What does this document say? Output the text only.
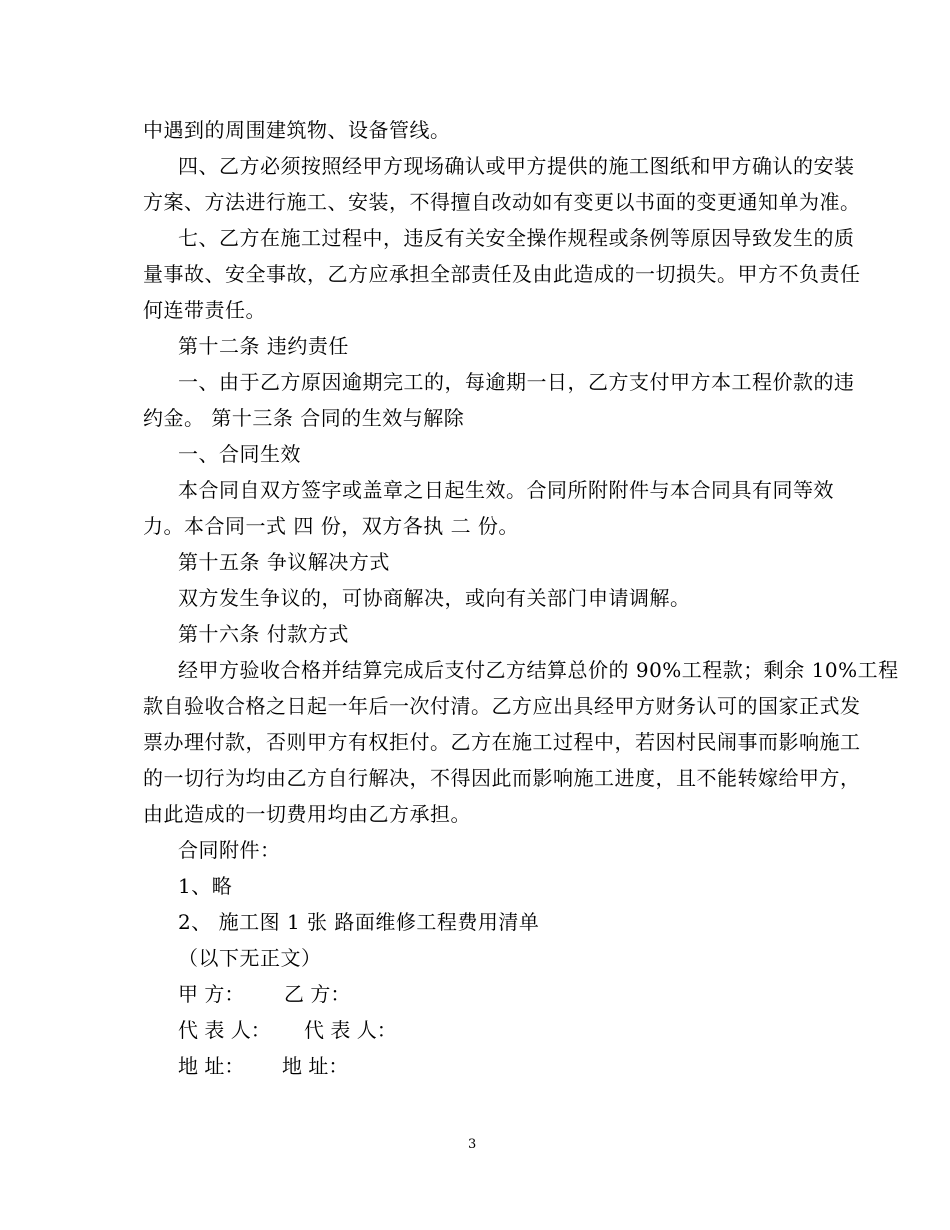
中遇到的周围建筑物、设备管线。
四、乙方必须按照经甲方现场确认或甲方提供的施工图纸和甲方确认的安装
方案、方法进行施工、安装，不得擅自改动如有变更以书面的变更通知单为准。
七、乙方在施工过程中，违反有关安全操作规程或条例等原因导致发生的质
量事故、安全事故，乙方应承担全部责任及由此造成的一切损失。甲方不负责任
何连带责任。
第十二条 违约责任
一、由于乙方原因逾期完工的，每逾期一日，乙方支付甲方本工程价款的违
约金。 第十三条 合同的生效与解除
一、合同生效
本合同自双方签字或盖章之日起生效。合同所附附件与本合同具有同等效
力。本合同一式 四 份，双方各执 二 份。
第十五条 争议解决方式
双方发生争议的，可协商解决，或向有关部门申请调解。
第十六条 付款方式
经甲方验收合格并结算完成后支付乙方结算总价的 90%工程款；剩余 10%工程
款自验收合格之日起一年后一次付清。乙方应出具经甲方财务认可的国家正式发
票办理付款，否则甲方有权拒付。乙方在施工过程中，若因村民闹事而影响施工
的一切行为均由乙方自行解决，不得因此而影响施工进度，且不能转嫁给甲方，
由此造成的一切费用均由乙方承担。
合同附件：
1、略
2、 施工图 1 张 路面维修工程费用清单
（以下无正文）
甲 方： 乙 方：
代 表 人： 代 表 人：
地 址： 地 址：
3
